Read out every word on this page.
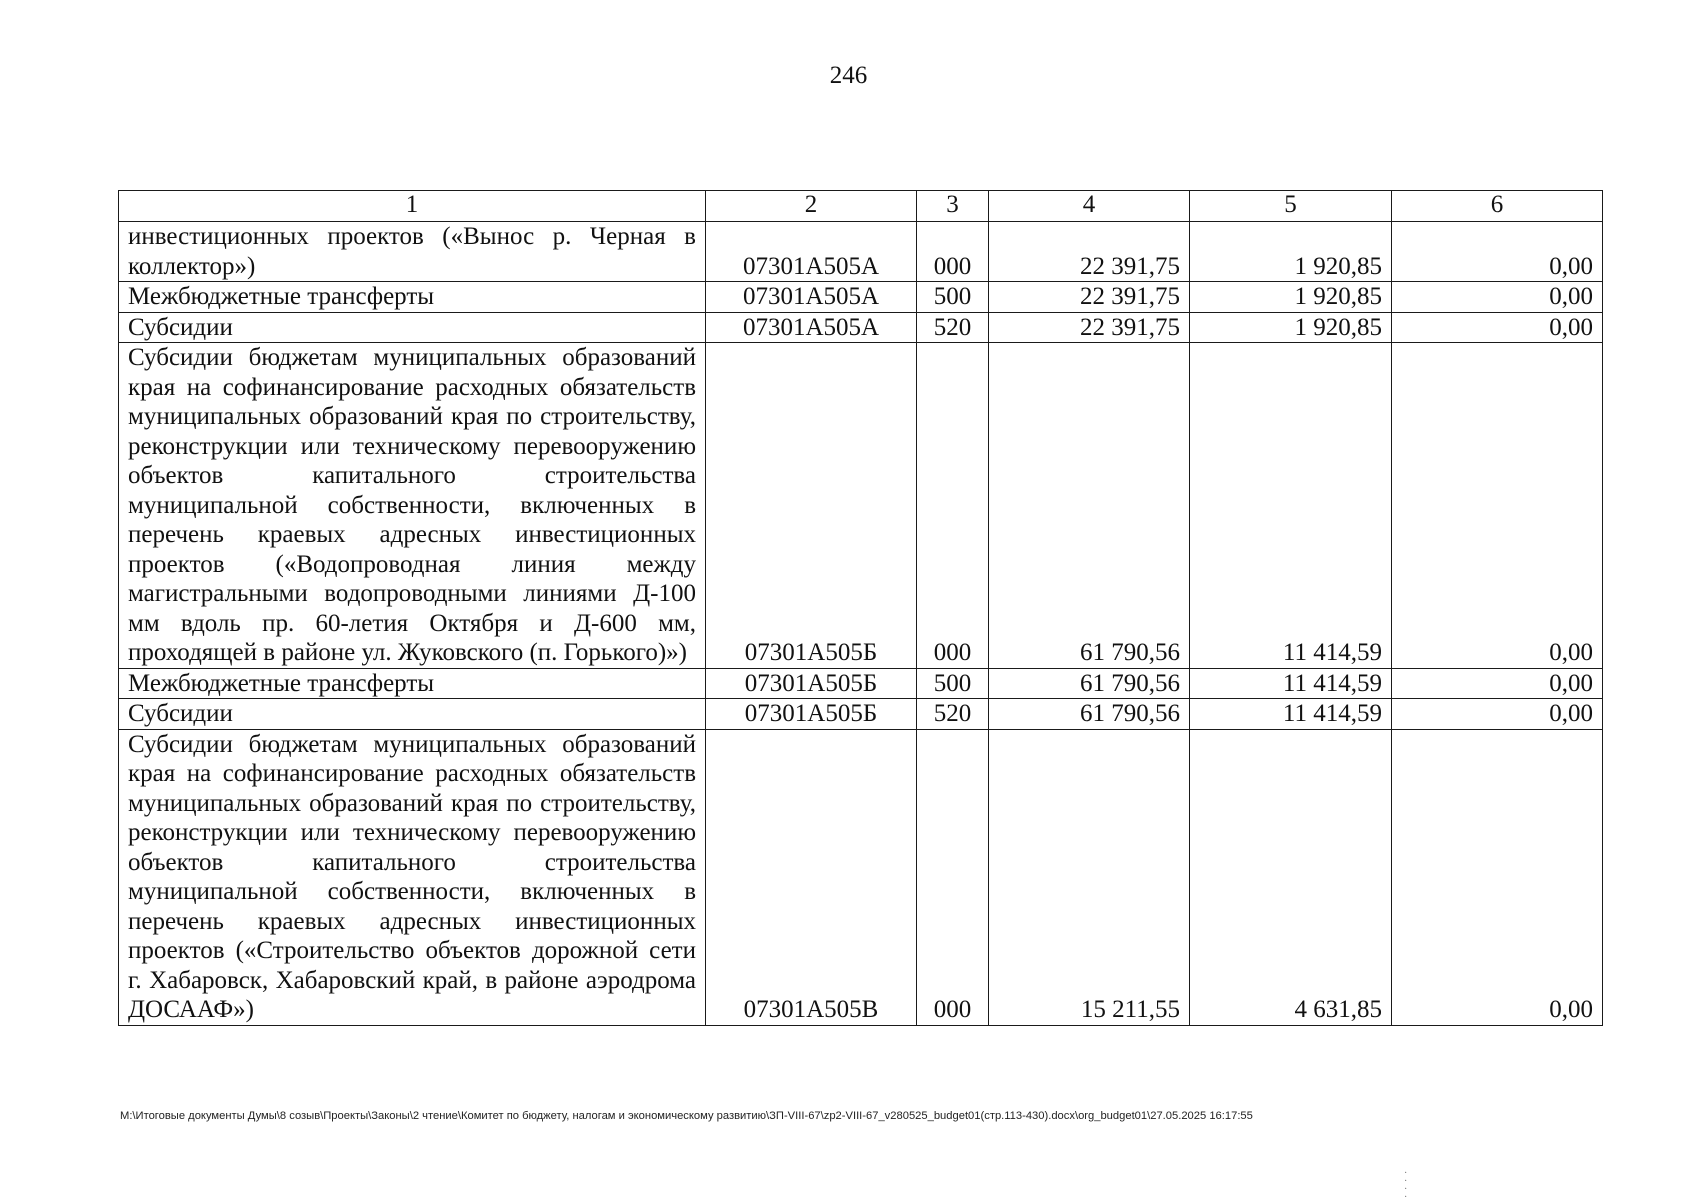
246
1	2	3	4	5	6
инвестиционных проектов («Вынос р. Черная в коллектор»)	07301А505А	000	22 391,75	1 920,85	0,00
Межбюджетные трансферты	07301А505А	500	22 391,75	1 920,85	0,00
Субсидии	07301А505А	520	22 391,75	1 920,85	0,00
Субсидии бюджетам муниципальных образований края на софинансирование расходных обязательств муниципальных образований края по строительству, реконструкции или техническому перевооружению объектов капитального строительства муниципальной собственности, включенных в перечень краевых адресных инвестиционных проектов («Водопроводная линия между магистральными водопроводными линиями Д-100 мм вдоль пр. 60-летия Октября и Д-600 мм, проходящей в районе ул. Жуковского (п. Горького)»)	07301А505Б	000	61 790,56	11 414,59	0,00
Межбюджетные трансферты	07301А505Б	500	61 790,56	11 414,59	0,00
Субсидии	07301А505Б	520	61 790,56	11 414,59	0,00
Субсидии бюджетам муниципальных образований края на софинансирование расходных обязательств муниципальных образований края по строительству, реконструкции или техническому перевооружению объектов капитального строительства муниципальной собственности, включенных в перечень краевых адресных инвестиционных проектов («Строительство объектов дорожной сети г. Хабаровск, Хабаровский край, в районе аэродрома ДОСААФ»)	07301А505В	000	15 211,55	4 631,85	0,00
M:\Итоговые документы Думы\8 созыв\Проекты\Законы\2 чтение\Комитет по бюджету, налогам и экономическому развитию\ЗП-VIII-67\zp2-VIII-67_v280525_budget01(стр.113-430).docx\org_budget01\27.05.2025 16:17:55
·
·
·
·
